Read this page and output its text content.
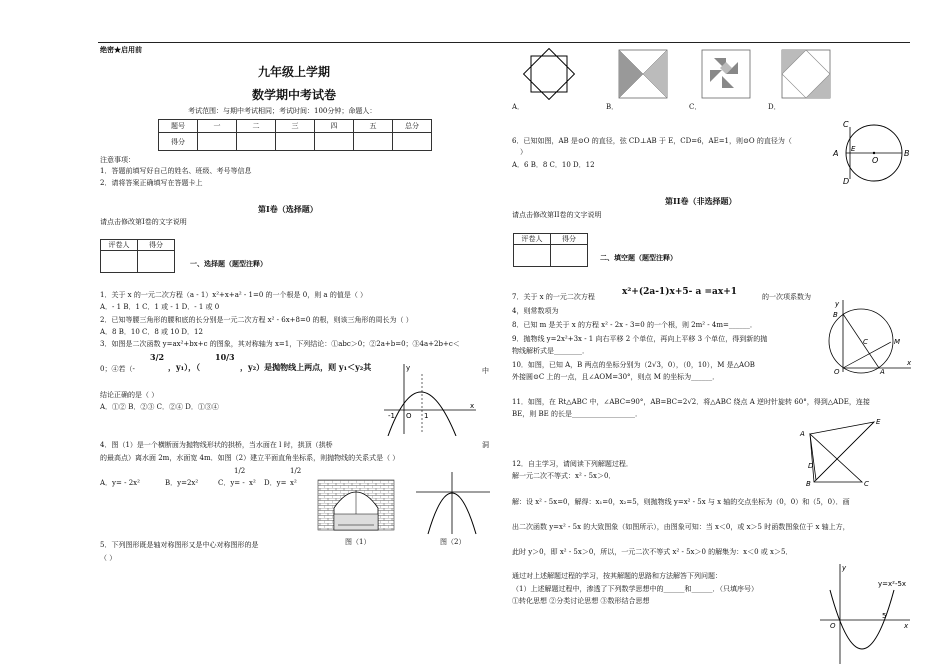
绝密★启用前
九年级上学期
数学期中考试卷
考试范围：与期中考试相同；考试时间：100分钟；命题人：
题号	一	二	三	四	五	总分
得分						
注意事项：
1．答题前填写好自己的姓名、班级、考号等信息
2．请将答案正确填写在答题卡上
第I卷（选择题）
请点击修改第I卷的文字说明
评卷人	得分

一、选择题（题型注释）
1．关于 x 的一元二次方程（a - 1）x²+x+a² - 1=0 的一个根是 0，则 a 的值是（ ）
A．- 1 B．1 C．1 或 - 1 D．- 1 或 0
2．已知等腰三角形的腰和底的长分别是一元二次方程 x² - 6x+8=0 的根，则该三角形的周长为（ ）
A．8 B．10 C．8 或 10 D．12
3．如图是二次函数 y=ax²+bx+c 的图象，其对称轴为 x=1，下列结论：①abc＞0；②2a+b=0；③4a+2b+c＜
0；④若（-
3/2
，y₁），（
10/3
，y₂）是抛物线上两点，则 y₁＜y₂其	中
结论正确的是（ ）
A．①② B．②③ C．②④ D．①③④
y
-1 O 1
x
4．图（1）是一个横断面为抛物线形状的拱桥，当水面在 l 时，拱顶（拱桥	洞
的最高点）离水面 2m，水面宽 4m．如图（2）建立平面直角坐标系，则抛物线的关系式是（ ）
A．y= - 2x²	B．y=2x²	C．y= -
1/2
x² D．y=
1/2
x²
图（1）	图（2）
5．下列图形既是轴对称图形又是中心对称图形的是
（ ）
A．	B．	C．	D．
6．已知如图，AB 是⊙O 的直径，弦 CD⊥AB 于 E，CD=6，AE=1，则⊙O 的直径为（
）
A．6 B．8 C．10 D．12
C
A E
O
B
D
第II卷（非选择题）
请点击修改第II卷的文字说明
评卷人	得分

二、填空题（题型注释）
7．关于 x 的一元二次方程	x²+(2a-1)x+5- a =ax+1	的一次项系数为
4，则常数项为
8．已知 m 是关于 x 的方程 x² - 2x - 3=0 的一个根，则 2m² - 4m=______．
9．抛物线 y=2x²+3x - 1 向右平移 2 个单位，再向上平移 3 个单位，得到新的抛
物线解析式是________．
y
B
C	M
O	A
x
10．如图，已知 A，B 两点的坐标分别为（2√3，0），（0，10），M 是△AOB
外接圆⊙C 上的一点，且∠AOM=30°，则点 M 的坐标为______．
11．如图，在 Rt△ABC 中，∠ABC=90°，AB=BC=2√2．将△ABC 绕点 A 逆时针旋转 60°，得到△ADE，连接
BE，则 BE 的长是__________________．
E
A
D
B	C
12．自主学习，请阅读下列解题过程．
解一元二次不等式：x² - 5x＞0．
解：设 x² - 5x=0，解得：x₁=0，x₂=5，则抛物线 y=x² - 5x 与 x 轴的交点坐标为（0，0）和（5，0）．画
出二次函数 y=x² - 5x 的大致图象（如图所示），由图象可知：当 x＜0，或 x＞5 时函数图象位于 x 轴上方，
此时 y＞0，即 x² - 5x＞0，所以，一元二次不等式 x² - 5x＞0 的解集为：x＜0 或 x＞5．
通过对上述解题过程的学习，按其解题的思路和方法解答下列问题：
（1）上述解题过程中，渗透了下列数学思想中的______和______．（只填序号）
①转化思想 ②分类讨论思想 ③数形结合思想
y
O
5
x
y=x²-5x
